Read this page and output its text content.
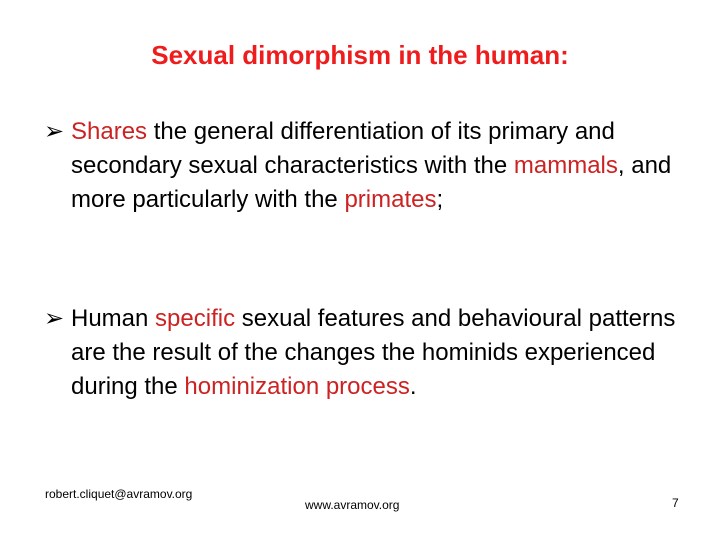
Sexual dimorphism in the human:
➢ Shares the general differentiation of its primary and secondary sexual characteristics with the mammals, and more particularly with the primates;
➢ Human specific sexual features and behavioural patterns are the result of the changes the hominids experienced during the hominization process.
robert.cliquet@avramov.org
www.avramov.org	7
